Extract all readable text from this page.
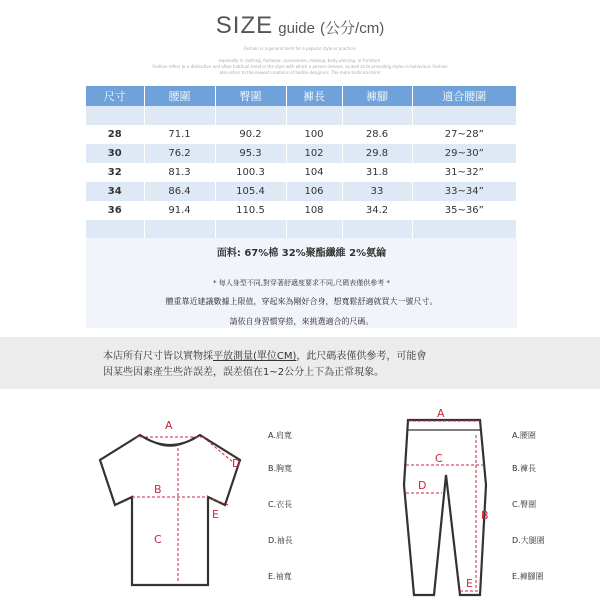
SIZE guide (公分/cm)
Fashion is a general term for a popular style or practice,
especially in clothing, footwear, accessories, makeup, body piercing, or furniture.
Fashion refers to a distinctive and often habitual trend in the style with which a person dresses, as well as to prevailing styles in behaviour. Fashion
also refers to the newest creations of textile designers. The more technical term
尺寸	腰圍	臀圍	褲長	褲腳	適合腰圍

28	71.1	90.2	100	28.6	27~28”
30	76.2	95.3	102	29.8	29~30”
32	81.3	100.3	104	31.8	31~32”
34	86.4	105.4	106	33	33~34”
36	91.4	110.5	108	34.2	35~36”

面料: 67%棉 32%聚酯纖維 2%氨綸
* 每人身型不同,對穿著舒適度要求不同,尺碼表僅供參考 *
體重靠近建議數據上限值，穿起來為剛好合身，想寬鬆舒適就買大一號尺寸。
請依自身習慣穿搭，來挑選適合的尺碼。

本店所有尺寸皆以實物採平放測量(單位CM)，此尺碼表僅供參考，可能會

因某些因素產生些許誤差，誤差值在1~2公分上下為正常現象。

A
B
C
D
E
A.肩寬
B.胸寬
C.衣長
D.袖長
E.袖寬
A
C
D
B
E
A.腰圍
B.褲長
C.臀圍
D.大腿圍
E.褲腳圍
